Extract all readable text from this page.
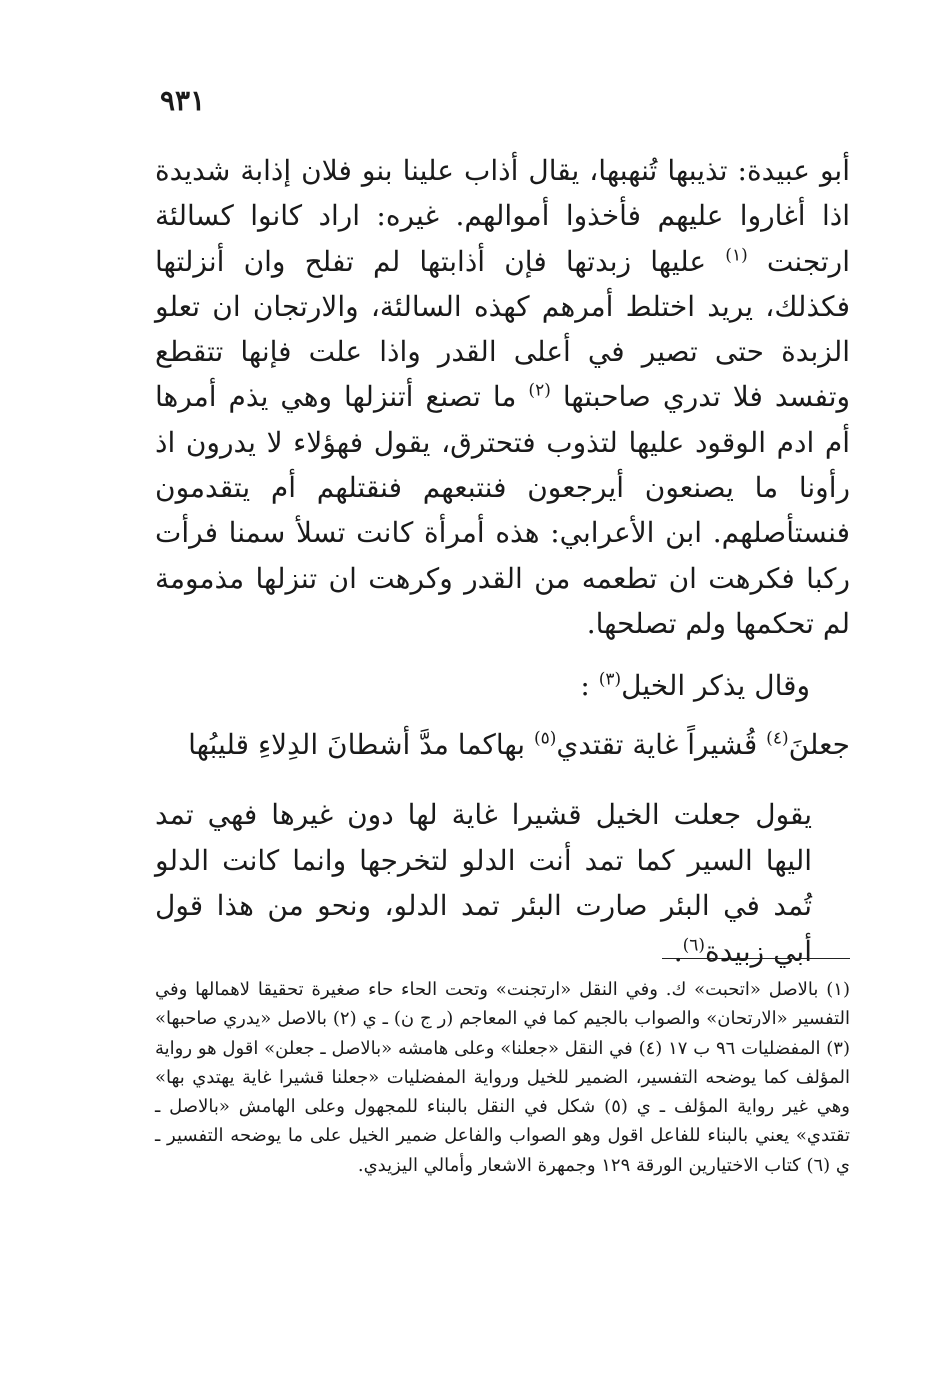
٩٣١

أبو عبيدة: تذيبها تُنهبها، يقال أذاب علينا بنو فلان إذابة شديدة اذا أغاروا عليهم فأخذوا أموالهم. غيره: اراد كانوا كسالئة ارتجنت $^{(١)}$ عليها زبدتها فإن أذابتها لم تفلح وان أنزلتها فكذلك، يريد اختلط أمرهم كهذه السالئة، والارتجان ان تعلو الزبدة حتى تصير في أعلى القدر واذا علت فإنها تتقطع وتفسد فلا تدري صاحبتها $^{(٢)}$ ما تصنع أتنزلها وهي يذم أمرها أم ادم الوقود عليها لتذوب فتحترق، يقول فهؤلاء لا يدرون اذ رأونا ما يصنعون أيرجعون فنتبعهم فنقتلهم أم يتقدمون فنستأصلهم. ابن الأعرابي: هذه أمرأة كانت تسلأ سمنا فرأت ركبا فكرهت ان تطعمه من القدر وكرهت ان تنزلها مذمومة لم تحكمها ولم تصلحها.

وقال يذكر الخيل$^{(٣)}$ :
جعلنَ$^{(٤)}$ قُشيراً غاية تقتدي$^{(٥)}$ بها
كما مدَّ أشطانَ الدِلاءِ قليبُها

يقول جعلت الخيل قشيرا غاية لها دون غيرها فهي تمد اليها السير كما تمد أنت الدلو لتخرجها وانما كانت الدلو تُمد في البئر صارت البئر تمد الدلو، ونحو من هذا قول أبي زبيدة$^{(٦)}$.

(١) بالاصل «اتحبت» ك. وفي النقل «ارتجنت» وتحت الحاء حاء صغيرة تحقيقا لاهمالها وفي التفسير «الارتحان» والصواب بالجيم كما في المعاجم (ر ج ن) ـ ي (٢) بالاصل «يدري صاحبها» (٣) المفضليات ٩٦ ب ١٧ (٤) في النقل «جعلنا» وعلى هامشه «بالاصل ـ جعلن» اقول هو رواية المؤلف كما يوضحه التفسير، الضمير للخيل ورواية المفضليات «جعلنا قشيرا غاية يهتدي بها» وهي غير رواية المؤلف ـ ي (٥) شكل في النقل بالبناء للمجهول وعلى الهامش «بالاصل ـ تقتدي» يعني بالبناء للفاعل اقول وهو الصواب والفاعل ضمير الخيل على ما يوضحه التفسير ـ ي (٦) كتاب الاختيارين الورقة ١٢٩ وجمهرة الاشعار وأمالي اليزيدي.
